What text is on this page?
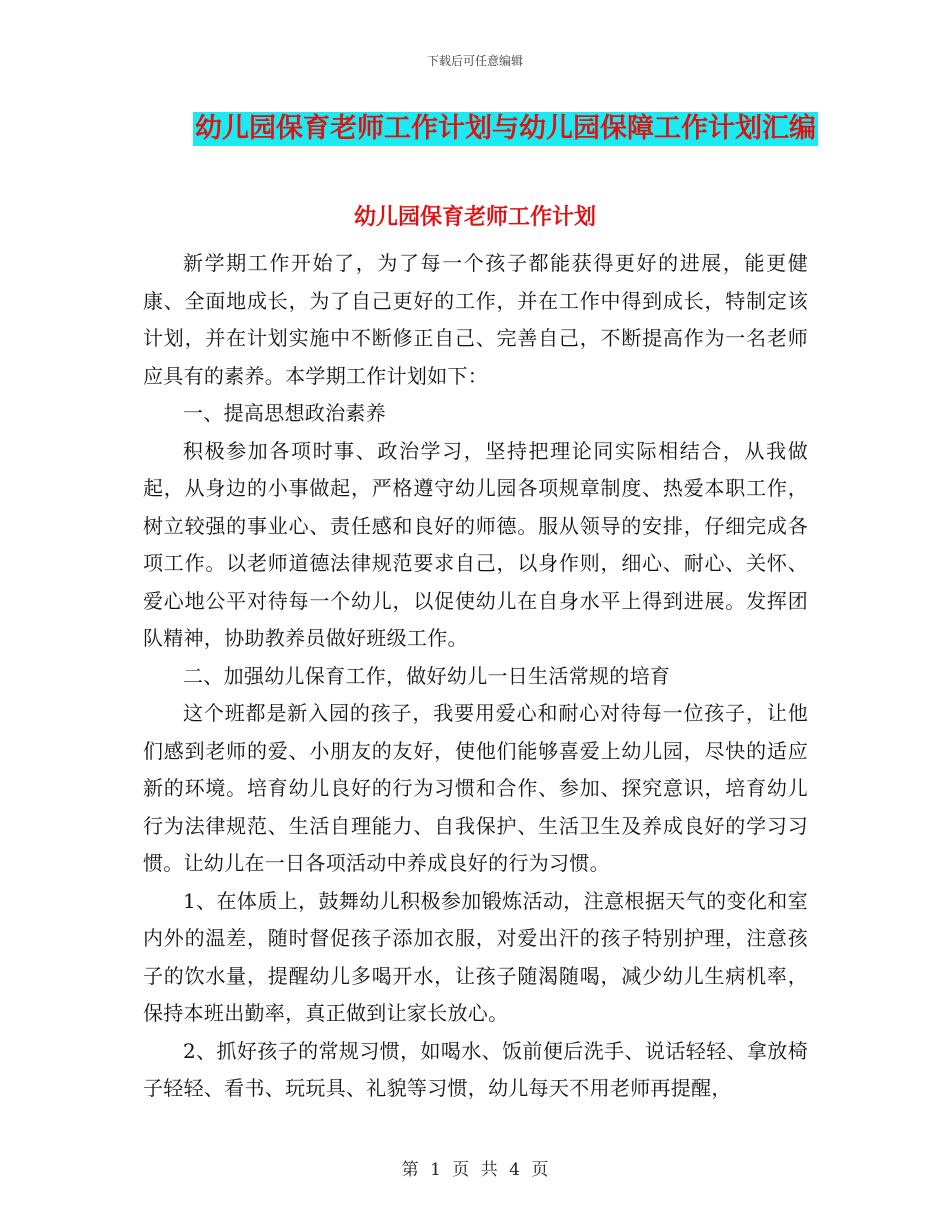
下载后可任意编辑
幼儿园保育老师工作计划与幼儿园保障工作计划汇编
幼儿园保育老师工作计划

新学期工作开始了，为了每一个孩子都能获得更好的进展，能更健康、全面地成长，为了自己更好的工作，并在工作中得到成长，特制定该计划，并在计划实施中不断修正自己、完善自己，不断提高作为一名老师应具有的素养。本学期工作计划如下：

一、提高思想政治素养

积极参加各项时事、政治学习，坚持把理论同实际相结合，从我做起，从身边的小事做起，严格遵守幼儿园各项规章制度、热爱本职工作，树立较强的事业心、责任感和良好的师德。服从领导的安排，仔细完成各项工作。以老师道德法律规范要求自己，以身作则，细心、耐心、关怀、爱心地公平对待每一个幼儿，以促使幼儿在自身水平上得到进展。发挥团队精神，协助教养员做好班级工作。

二、加强幼儿保育工作，做好幼儿一日生活常规的培育

这个班都是新入园的孩子，我要用爱心和耐心对待每一位孩子，让他们感到老师的爱、小朋友的友好，使他们能够喜爱上幼儿园，尽快的适应新的环境。培育幼儿良好的行为习惯和合作、参加、探究意识，培育幼儿行为法律规范、生活自理能力、自我保护、生活卫生及养成良好的学习习惯。让幼儿在一日各项活动中养成良好的行为习惯。

1、在体质上，鼓舞幼儿积极参加锻炼活动，注意根据天气的变化和室内外的温差，随时督促孩子添加衣服，对爱出汗的孩子特别护理，注意孩子的饮水量，提醒幼儿多喝开水，让孩子随渴随喝，减少幼儿生病机率，保持本班出勤率，真正做到让家长放心。

2、抓好孩子的常规习惯，如喝水、饭前便后洗手、说话轻轻、拿放椅子轻轻、看书、玩玩具、礼貌等习惯，幼儿每天不用老师再提醒，

第 1 页 共 4 页
